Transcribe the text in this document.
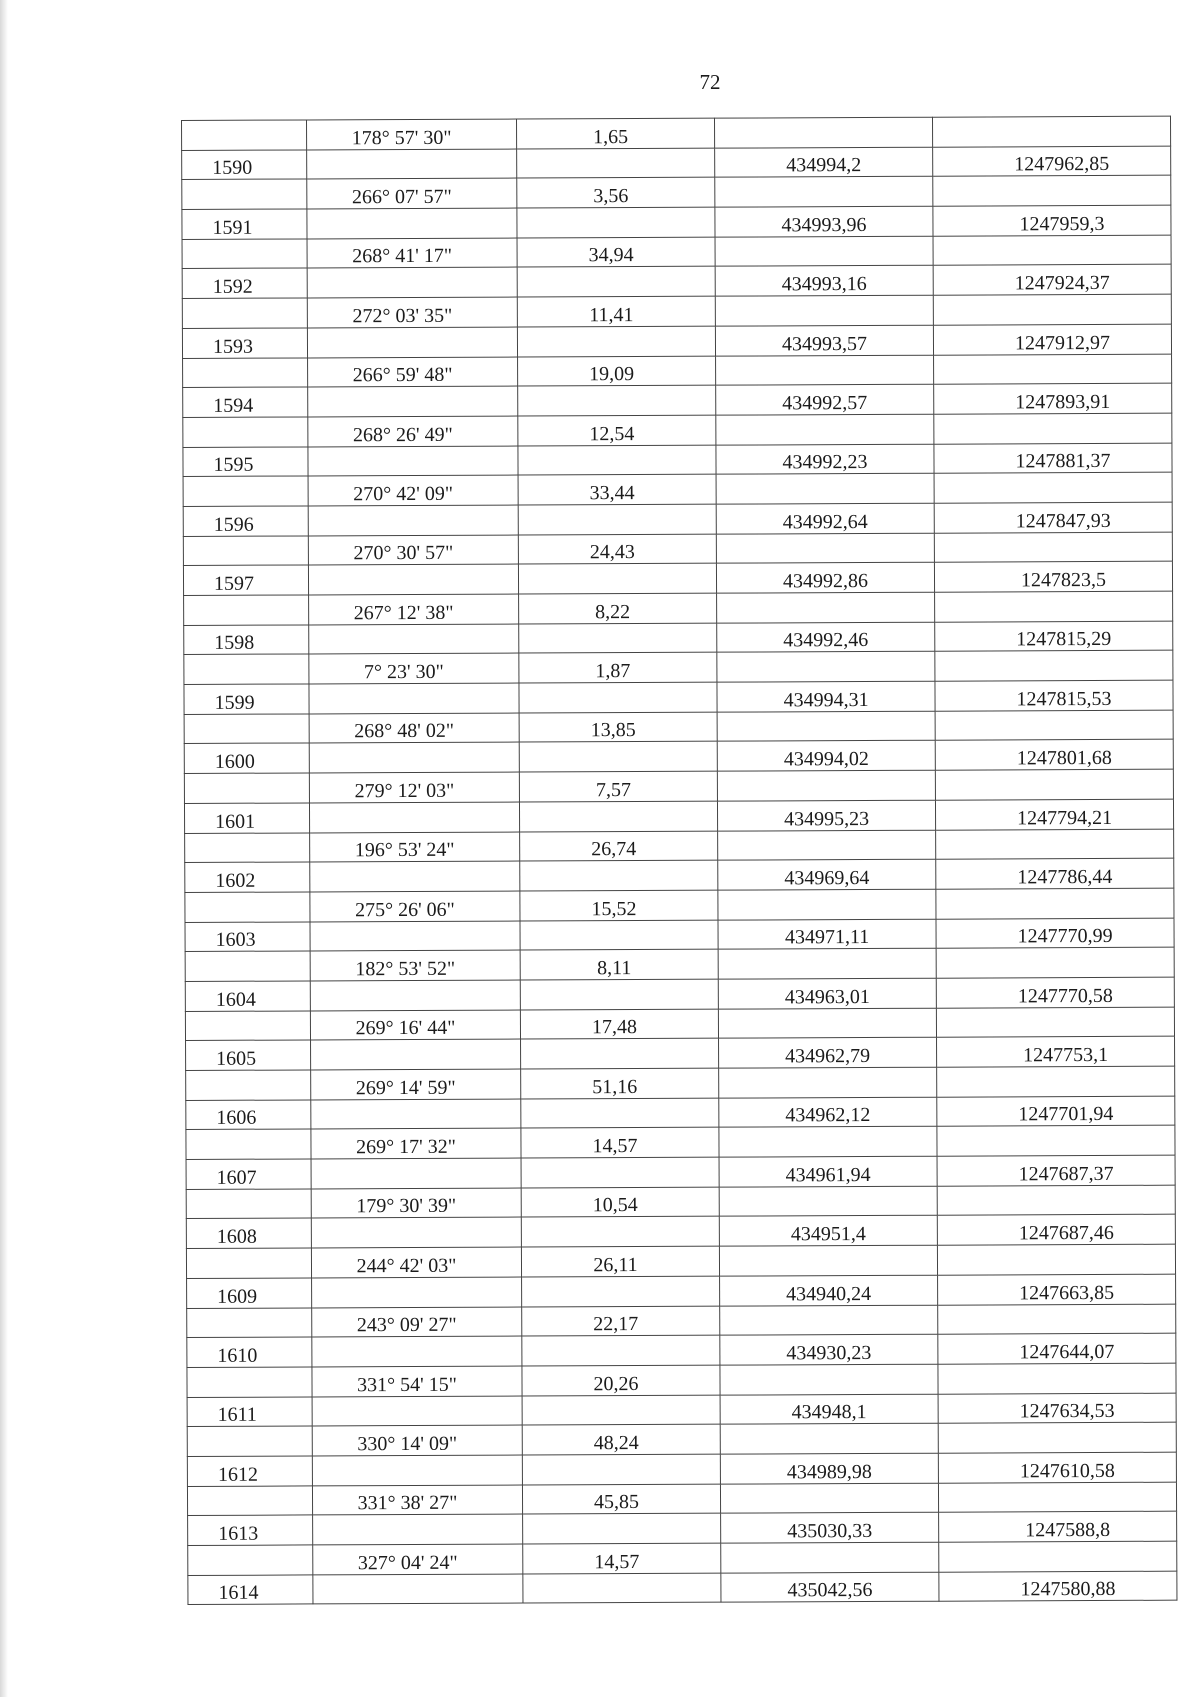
72
	178° 57' 30"	1,65		
1590			434994,2	1247962,85
	266° 07' 57"	3,56		
1591			434993,96	1247959,3
	268° 41' 17"	34,94		
1592			434993,16	1247924,37
	272° 03' 35"	11,41		
1593			434993,57	1247912,97
	266° 59' 48"	19,09		
1594			434992,57	1247893,91
	268° 26' 49"	12,54		
1595			434992,23	1247881,37
	270° 42' 09"	33,44		
1596			434992,64	1247847,93
	270° 30' 57"	24,43		
1597			434992,86	1247823,5
	267° 12' 38"	8,22		
1598			434992,46	1247815,29
	7° 23' 30"	1,87		
1599			434994,31	1247815,53
	268° 48' 02"	13,85		
1600			434994,02	1247801,68
	279° 12' 03"	7,57		
1601			434995,23	1247794,21
	196° 53' 24"	26,74		
1602			434969,64	1247786,44
	275° 26' 06"	15,52		
1603			434971,11	1247770,99
	182° 53' 52"	8,11		
1604			434963,01	1247770,58
	269° 16' 44"	17,48		
1605			434962,79	1247753,1
	269° 14' 59"	51,16		
1606			434962,12	1247701,94
	269° 17' 32"	14,57		
1607			434961,94	1247687,37
	179° 30' 39"	10,54		
1608			434951,4	1247687,46
	244° 42' 03"	26,11		
1609			434940,24	1247663,85
	243° 09' 27"	22,17		
1610			434930,23	1247644,07
	331° 54' 15"	20,26		
1611			434948,1	1247634,53
	330° 14' 09"	48,24		
1612			434989,98	1247610,58
	331° 38' 27"	45,85		
1613			435030,33	1247588,8
	327° 04' 24"	14,57		
1614			435042,56	1247580,88
